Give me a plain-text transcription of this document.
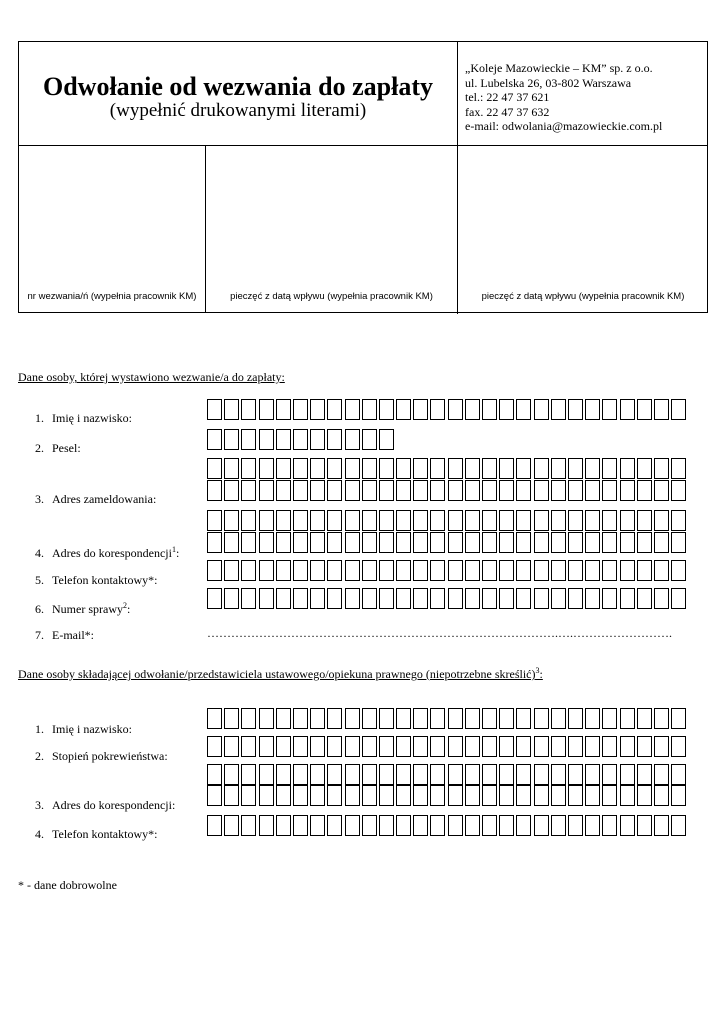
Odwołanie od wezwania do zapłaty
(wypełnić drukowanymi literami)
„Koleje Mazowieckie – KM” sp. z o.o.
ul. Lubelska 26, 03-802 Warszawa
tel.: 22 47 37 621
fax. 22 47 37 632
e-mail: odwolania@mazowieckie.com.pl
nr wezwania/ń (wypełnia pracownik KM)	pieczęć z datą wpływu (wypełnia pracownik KM)	pieczęć z datą wpływu (wypełnia pracownik KM)
Dane osoby, której wystawiono wezwanie/a do zapłaty:
1. Imię i nazwisko:
2. Pesel:
3. Adres zameldowania:
4. Adres do korespondencji$^1$:
5. Telefon kontaktowy*:
6. Numer sprawy$^2$:
7. E-mail*:	…………………………………………………………………………….….…………………….
Dane osoby składającej odwołanie/przedstawiciela ustawowego/opiekuna prawnego (niepotrzebne skreślić)$^3$:
1. Imię i nazwisko:
2. Stopień pokrewieństwa:
3. Adres do korespondencji:
4. Telefon kontaktowy*:
* - dane dobrowolne
